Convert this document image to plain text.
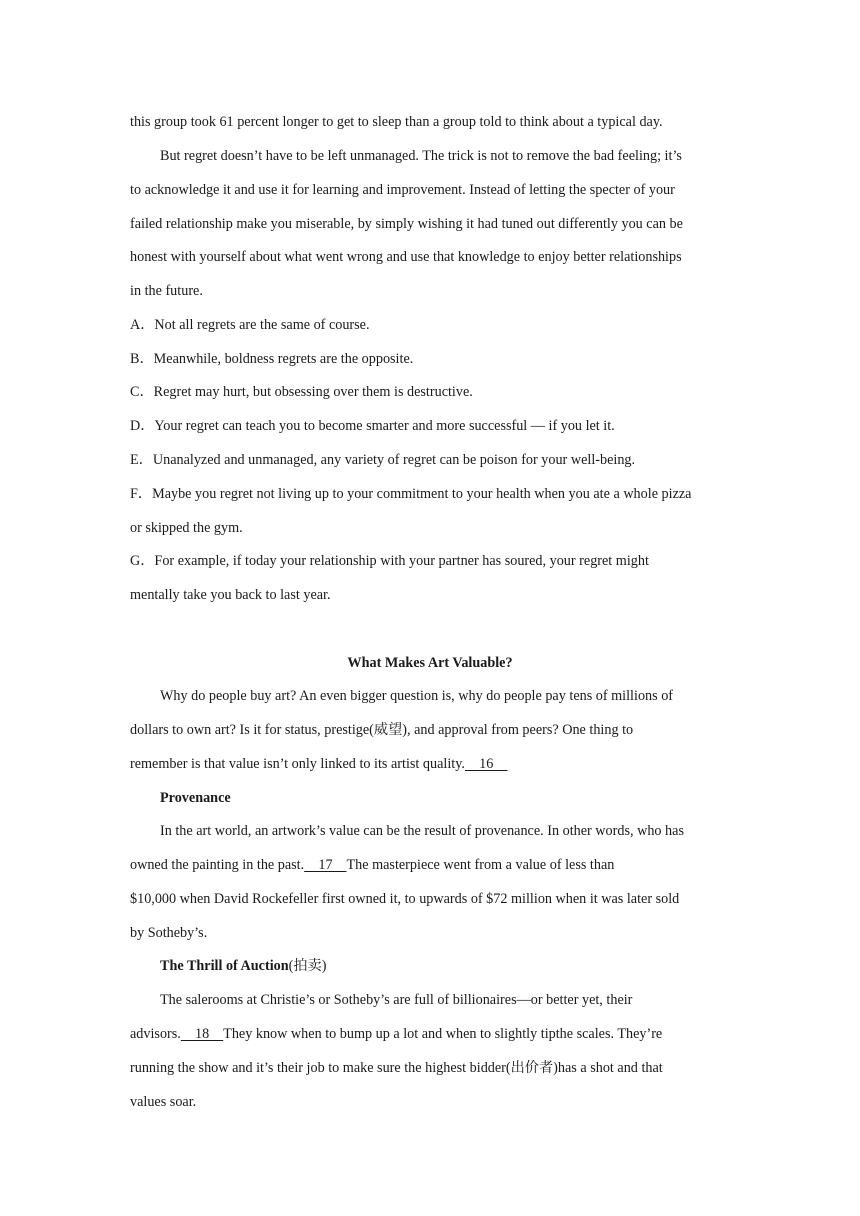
this group took 61 percent longer to get to sleep than a group told to think about a typical day.
But regret doesn’t have to be left unmanaged. The trick is not to remove the bad feeling; it’s
to acknowledge it and use it for learning and improvement. Instead of letting the specter of your
failed relationship make you miserable, by simply wishing it had tuned out differently you can be
honest with yourself about what went wrong and use that knowledge to enjoy better relationships
in the future.
A．Not all regrets are the same of course.
B．Meanwhile, boldness regrets are the opposite.
C．Regret may hurt, but obsessing over them is destructive.
D．Your regret can teach you to become smarter and more successful — if you let it.
E．Unanalyzed and unmanaged, any variety of regret can be poison for your well-being.
F．Maybe you regret not living up to your commitment to your health when you ate a whole pizza
or skipped the gym.
G．For example, if today your relationship with your partner has soured, your regret might
mentally take you back to last year.
What Makes Art Valuable?
Why do people buy art? An even bigger question is, why do people pay tens of millions of
dollars to own art? Is it for status, prestige(威望), and approval from peers? One thing to
remember is that value isn’t only linked to its artist quality.    16
Provenance
In the art world, an artwork’s value can be the result of provenance. In other words, who has
owned the painting in the past.    17    The masterpiece went from a value of less than
$10,000 when David Rockefeller first owned it, to upwards of $72 million when it was later sold
by Sotheby’s.
The Thrill of Auction(拍卖)
The salerooms at Christie’s or Sotheby’s are full of billionaires—or better yet, their
advisors.    18    They know when to bump up a lot and when to slightly tipthe scales. They’re
running the show and it’s their job to make sure the highest bidder(出价者)has a shot and that
values soar.
